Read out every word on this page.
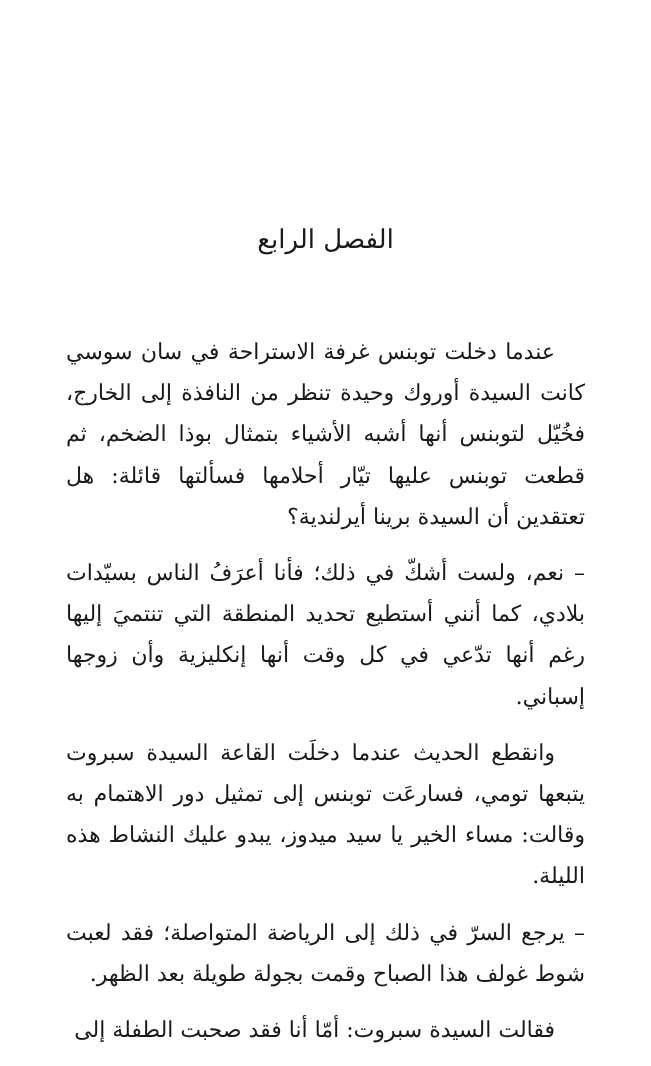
الفصل الرابع

عندما دخلت توبنس غرفة الاستراحة في سان سوسي كانت السيدة أوروك وحيدة تنظر من النافذة إلى الخارج، فخُيّل لتوبنس أنها أشبه الأشياء بتمثال بوذا الضخم، ثم قطعت توبنس عليها تيّار أحلامها فسألتها قائلة: هل تعتقدين أن السيدة برينا أيرلندية؟

– نعم، ولست أشكّ في ذلك؛ فأنا أعرَفُ الناس بسيّدات بلادي، كما أنني أستطيع تحديد المنطقة التي تنتميَ إليها رغم أنها تدّعي في كل وقت أنها إنكليزية وأن زوجها إسباني.

وانقطع الحديث عندما دخلَت القاعة السيدة سبروت يتبعها تومي، فسارعَت توبنس إلى تمثيل دور الاهتمام به وقالت: مساء الخير يا سيد ميدوز، يبدو عليك النشاط هذه الليلة.

– يرجع السرّ في ذلك إلى الرياضة المتواصلة؛ فقد لعبت شوط غولف هذا الصباح وقمت بجولة طويلة بعد الظهر.

فقالت السيدة سبروت: أمّا أنا فقد صحبت الطفلة إلى
